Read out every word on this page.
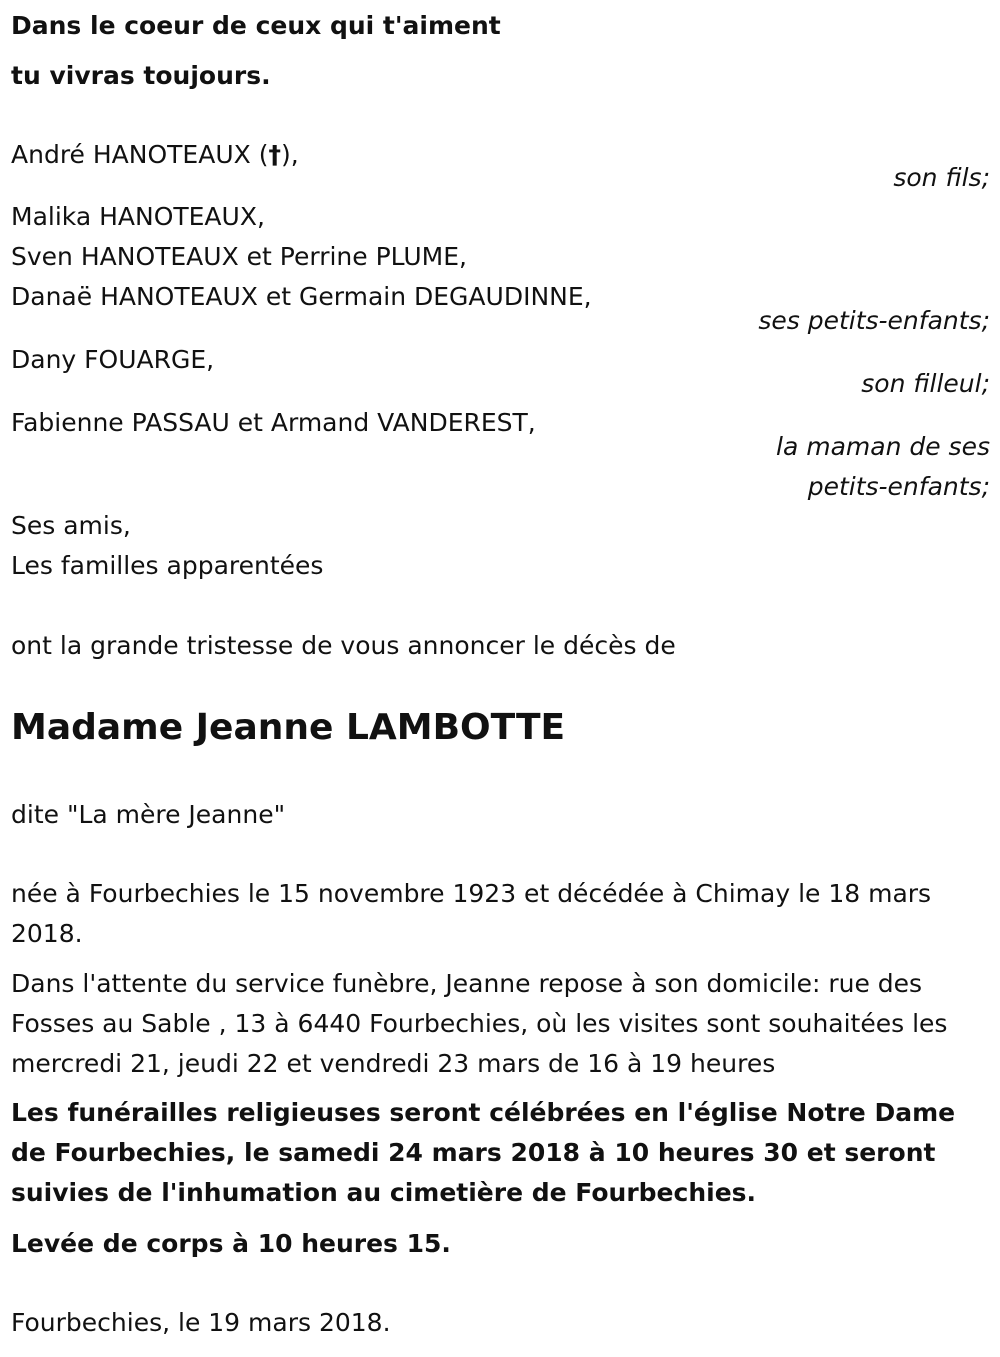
Dans le coeur de ceux qui t'aiment
tu vivras toujours.
André HANOTEAUX (†),
son fils;
Malika HANOTEAUX,
Sven HANOTEAUX et Perrine PLUME,
Danaë HANOTEAUX et Germain DEGAUDINNE,
ses petits-enfants;
Dany FOUARGE,
son filleul;
Fabienne PASSAU et Armand VANDEREST,
la maman de ses
petits-enfants;
Ses amis,
Les familles apparentées
ont la grande tristesse de vous annoncer le décès de
Madame Jeanne LAMBOTTE
dite "La mère Jeanne"
née à Fourbechies le 15 novembre 1923 et décédée à Chimay le 18 mars 2018.
Dans l'attente du service funèbre, Jeanne repose à son domicile: rue des Fosses au Sable , 13 à 6440 Fourbechies, où les visites sont souhaitées les mercredi 21, jeudi 22 et vendredi 23 mars de 16 à 19 heures
Les funérailles religieuses seront célébrées en l'église Notre Dame de Fourbechies, le samedi 24 mars 2018 à 10 heures 30 et seront suivies de l'inhumation au cimetière de Fourbechies.
Levée de corps à 10 heures 15.
Fourbechies, le 19 mars 2018.
